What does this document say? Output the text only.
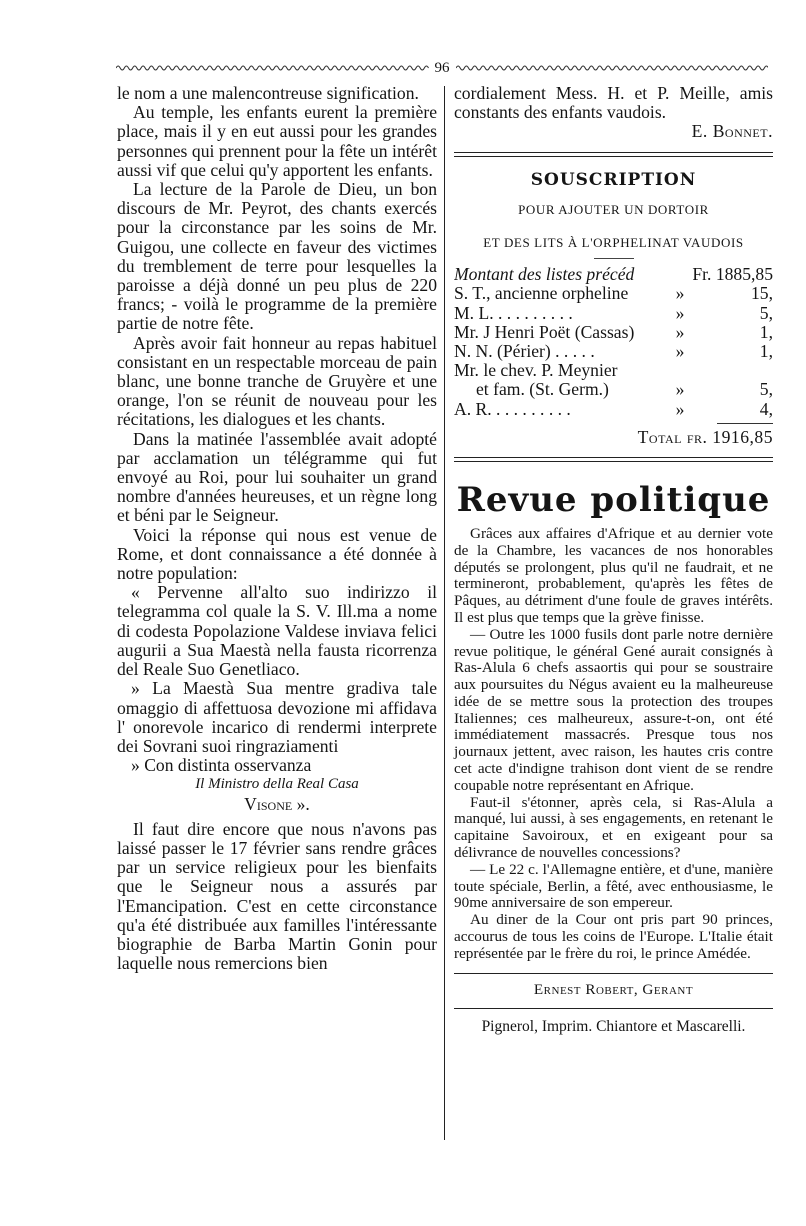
96

le nom a une malencontreuse signification.

Au temple, les enfants eurent la première place, mais il y en eut aussi pour les grandes personnes qui prennent pour la fête un intérêt aussi vif que celui qu'y apportent les enfants.

La lecture de la Parole de Dieu, un bon discours de Mr. Peyrot, des chants exercés pour la circonstance par les soins de Mr. Guigou, une collecte en faveur des victimes du tremblement de terre pour lesquelles la paroisse a déjà donné un peu plus de 220 francs; - voilà le programme de la première partie de notre fête.

Après avoir fait honneur au repas habituel consistant en un respectable morceau de pain blanc, une bonne tranche de Gruyère et une orange, l'on se réunit de nouveau pour les récitations, les dialogues et les chants.

Dans la matinée l'assemblée avait adopté par acclamation un télégramme qui fut envoyé au Roi, pour lui souhaiter un grand nombre d'années heureuses, et un règne long et béni par le Seigneur.

Voici la réponse qui nous est venue de Rome, et dont connaissance a été donnée à notre population:

« Pervenne all'alto suo indirizzo il telegramma col quale la S. V. Ill.ma a nome di codesta Popolazione Valdese inviava felici augurii a Sua Maestà nella fausta ricorrenza del Reale Suo Genetliaco.

» La Maestà Sua mentre gradiva tale omaggio di affettuosa devozione mi affidava l' onorevole incarico di rendermi interprete dei Sovrani suoi ringraziamenti

» Con distinta osservanza

Il Ministro della Real Casa
Visone ».

Il faut dire encore que nous n'avons pas laissé passer le 17 février sans rendre grâces par un service religieux pour les bienfaits que le Seigneur nous a assurés par l'Emancipation. C'est en cette circonstance qu'a été distribuée aux familles l'intéressante biographie de Barba Martin Gonin pour laquelle nous remercions bien

cordialement Mess. H. et P. Meille, amis constants des enfants vaudois.

E. Bonnet.
SOUSCRIPTION
POUR AJOUTER UN DORTOIR
ET DES LITS À L'ORPHELINAT VAUDOIS
Montant des listes précéd	Fr. 1885,85
S. T., ancienne orpheline	»	15,
M. L. . . . . . . . . .	»	5,
Mr. J Henri Poët (Cassas)	»	1,
N. N. (Périer) . . . . .	»	1,
Mr. le chev. P. Meynier
et fam. (St. Germ.)	»	5,
A. R. . . . . . . . . .	»	4,
Total fr. 1916,85
Revue politique

Grâces aux affaires d'Afrique et au dernier vote de la Chambre, les vacances de nos honorables députés se prolongent, plus qu'il ne faudrait, et ne termineront, probablement, qu'après les fêtes de Pâques, au détriment d'une foule de graves intérêts. Il est plus que temps que la grève finisse.

— Outre les 1000 fusils dont parle notre dernière revue politique, le général Gené aurait consignés à Ras-Alula 6 chefs assaortis qui pour se soustraire aux poursuites du Négus avaient eu la malheureuse idée de se mettre sous la protection des troupes Italiennes; ces malheureux, assure-t-on, ont été immédiatement massacrés. Presque tous nos journaux jettent, avec raison, les hautes cris contre cet acte d'indigne trahison dont vient de se rendre coupable notre représentant en Afrique.

Faut-il s'étonner, après cela, si Ras-Alula a manqué, lui aussi, à ses engagements, en retenant le capitaine Savoiroux, et en exigeant pour sa délivrance de nouvelles concessions?

— Le 22 c. l'Allemagne entière, et d'une, manière toute spéciale, Berlin, a fêté, avec enthousiasme, le 90me anniversaire de son empereur.

Au diner de la Cour ont pris part 90 princes, accourus de tous les coins de l'Europe. L'Italie était représentée par le frère du roi, le prince Amédée.

Ernest Robert, Gerant
Pignerol, Imprim. Chiantore et Mascarelli.
